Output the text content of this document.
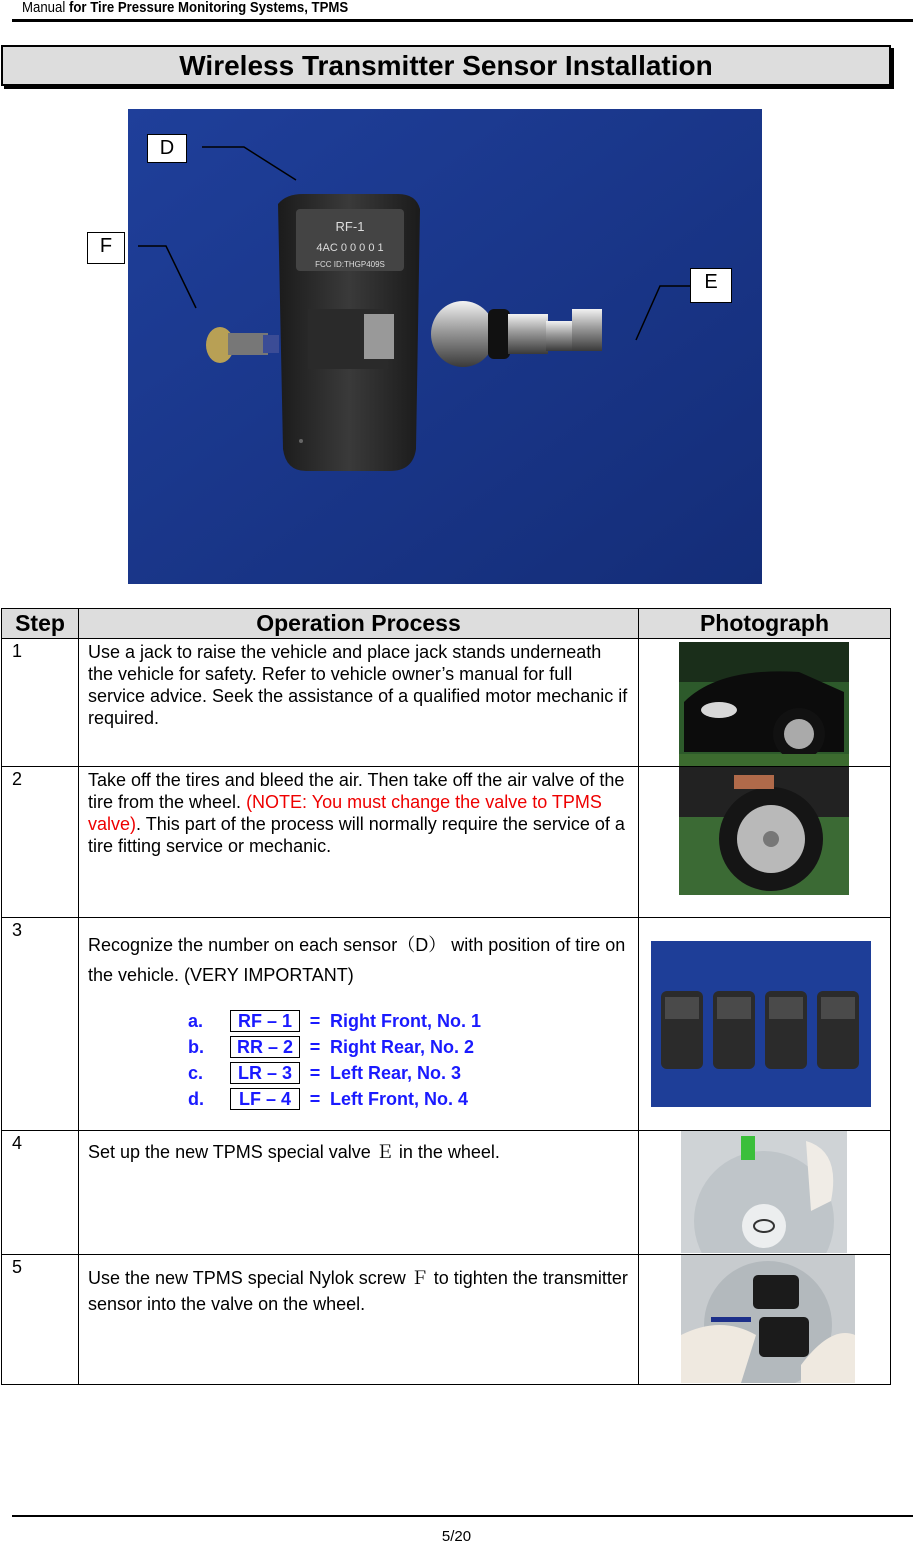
Manual for Tire Pressure Monitoring Systems, TPMS
Wireless Transmitter Sensor Installation
RF-1
4AC 0 0 0 0 1
FCC ID:THGP409S
D
F
E
Step	Operation Process	Photograph
1	Use a jack to raise the vehicle and place jack stands underneath the vehicle for safety. Refer to vehicle owner’s manual for full service advice. Seek the assistance of a qualified motor mechanic if required.	

2	Take off the tires and bleed the air. Then take off the air valve of the tire from the wheel. (NOTE: You must change the valve to TPMS valve). This part of the process will normally require the service of a tire fitting service or mechanic.	

3	Recognize the number on each sensor（D） with position of tire on the vehicle. (VERY IMPORTANT)
a. RF – 1 = Right Front, No. 1
b. RR – 2 = Right Rear, No. 2
c. LR – 3 = Left Rear, No. 3
d. LF – 4 = Left Front, No. 4

4	Set up the new TPMS special valve Ｅ in the wheel.	

5	Use the new TPMS special Nylok screw Ｆ to tighten the transmitter sensor into the valve on the wheel.	
5/20
